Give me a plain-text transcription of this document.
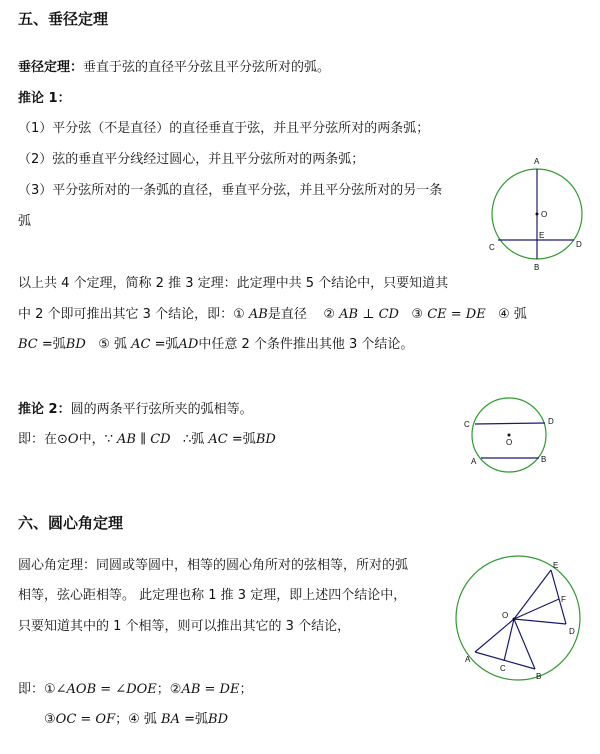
五、垂径定理
垂径定理：垂直于弦的直径平分弦且平分弦所对的弧。
推论 1：
（1）平分弦（不是直径）的直径垂直于弦，并且平分弦所对的两条弧；
（2）弦的垂直平分线经过圆心，并且平分弦所对的两条弧；
（3）平分弦所对的一条弧的直径，垂直平分弦，并且平分弦所对的另一条
弧
A
O
E
C	D
B
以上共 4 个定理，简称 2 推 3 定理：此定理中共 5 个结论中，只要知道其
中 2 个即可推出其它 3 个结论，即：① AB是直径 ② AB ⊥ CD ③ CE = DE ④ 弧
BC =弧BD ⑤ 弧 AC =弧AD中任意 2 个条件推出其他 3 个结论。
推论 2：圆的两条平行弦所夹的弧相等。
即：在⊙O中，∵ AB ∥ CD ∴弧 AC =弧BD
C	D
O
A	B
六、圆心角定理
圆心角定理：同圆或等圆中，相等的圆心角所对的弦相等，所对的弧
相等，弦心距相等。 此定理也称 1 推 3 定理，即上述四个结论中，
只要知道其中的 1 个相等，则可以推出其它的 3 个结论，
即：①∠AOB = ∠DOE；②AB = DE；
③OC = OF；④ 弧 BA =弧BD
E
F
O
D
A
C
B
